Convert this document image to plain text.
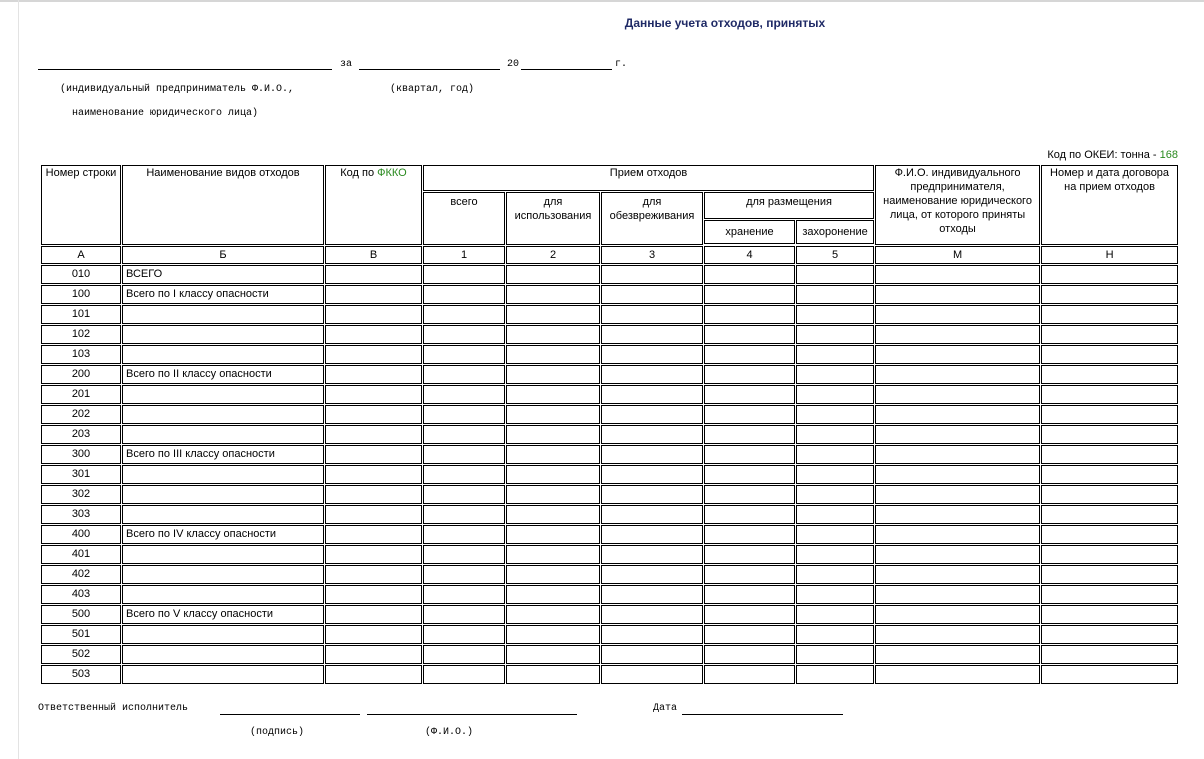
Данные учета отходов, принятых
за	20	г.
(индивидуальный предприниматель Ф.И.О.,	(квартал, год)
наименование юридического лица)
Код по ОКЕИ: тонна - 168
Номер строки	Наименование видов отходов	Код по ФККО	Прием отходов					Ф.И.О. индивидуального предпринимателя, наименование юридического лица, от которого приняты отходы	Номер и дата договора на прием отходов
			всего	для использования	для обезвреживания	для размещения			
						хранение	захоронение		

А	Б	В	1	2	3	4	5	М	Н
010	ВСЕГО								
100	Всего по I классу опасности								
101									
102									
103									
200	Всего по II классу опасности								
201									
202									
203									
300	Всего по III классу опасности								
301									
302									
303									
400	Всего по IV классу опасности								
401									
402									
403									
500	Всего по V классу опасности								
501									
502									
503									
Ответственный исполнитель	Дата
(подпись)	(Ф.И.О.)
